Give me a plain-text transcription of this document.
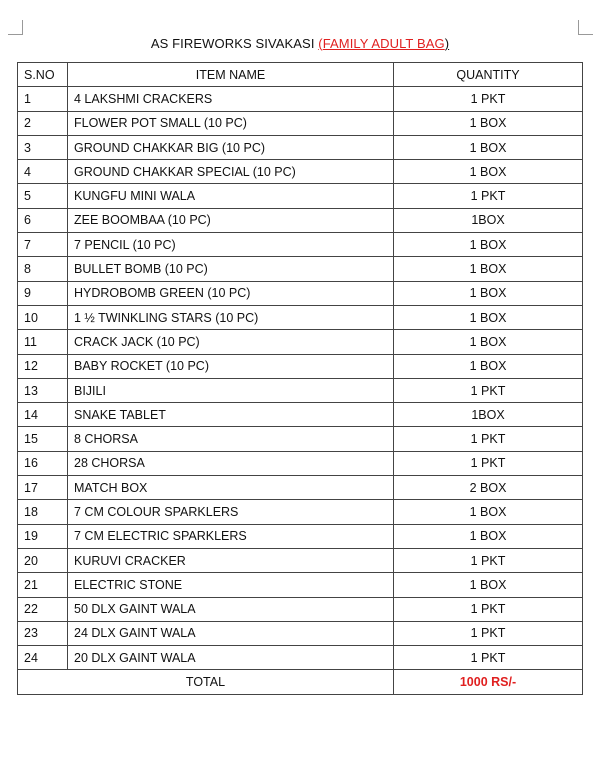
AS FIREWORKS SIVAKASI (FAMILY ADULT BAG)
S.NO	ITEM NAME	QUANTITY
1	4 LAKSHMI CRACKERS	1 PKT
2	FLOWER POT SMALL (10 PC)	1 BOX
3	GROUND CHAKKAR BIG (10 PC)	1 BOX
4	GROUND CHAKKAR SPECIAL (10 PC)	1 BOX
5	KUNGFU MINI WALA	1 PKT
6	ZEE BOOMBAA (10 PC)	1BOX
7	7 PENCIL (10 PC)	1 BOX
8	BULLET BOMB (10 PC)	1 BOX
9	HYDROBOMB GREEN (10 PC)	1 BOX
10	1 ½ TWINKLING STARS (10 PC)	1 BOX
11	CRACK JACK (10 PC)	1 BOX
12	BABY ROCKET (10 PC)	1 BOX
13	BIJILI	1 PKT
14	SNAKE TABLET	1BOX
15	8 CHORSA	1 PKT
16	28 CHORSA	1 PKT
17	MATCH BOX	2 BOX
18	7 CM COLOUR SPARKLERS	1 BOX
19	7 CM ELECTRIC SPARKLERS	1 BOX
20	KURUVI CRACKER	1 PKT
21	ELECTRIC STONE	1 BOX
22	50 DLX GAINT WALA	1 PKT
23	24 DLX GAINT WALA	1 PKT
24	20 DLX GAINT WALA	1 PKT
TOTAL		1000 RS/-
